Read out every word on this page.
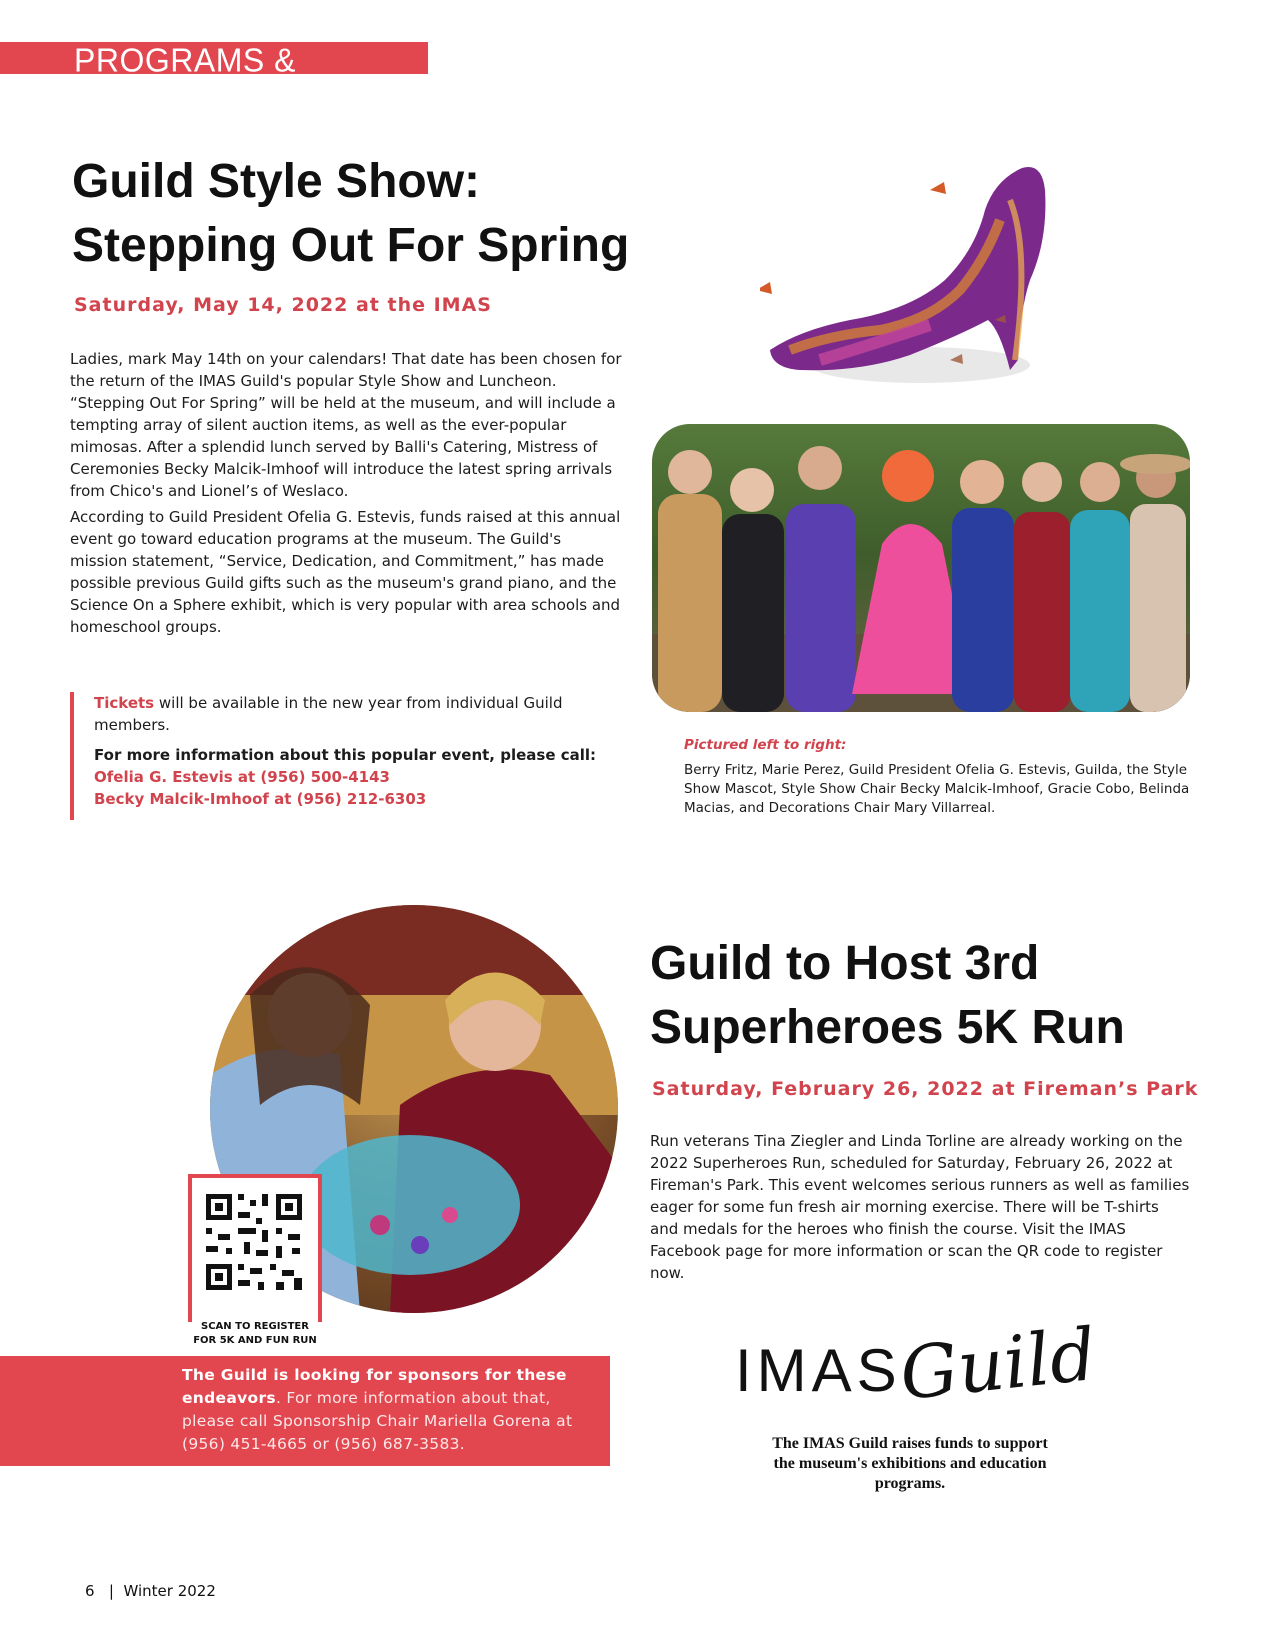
PROGRAMS & EVENTS
Guild Style Show:
Stepping Out For Spring
Saturday, May 14, 2022 at the IMAS

Ladies, mark May 14th on your calendars! That date has been chosen for the return of the IMAS Guild's popular Style Show and Luncheon. “Stepping Out For Spring” will be held at the museum, and will include a tempting array of silent auction items, as well as the ever-popular mimosas. After a splendid lunch served by Balli's Catering, Mistress of Ceremonies Becky Malcik-Imhoof will introduce the latest spring arrivals from Chico's and Lionel’s of Weslaco.

According to Guild President Ofelia G. Estevis, funds raised at this annual event go toward education programs at the museum. The Guild's mission statement, “Service, Dedication, and Commitment,” has made possible previous Guild gifts such as the museum's grand piano, and the Science On a Sphere exhibit, which is very popular with area schools and homeschool groups.

Tickets will be available in the new year from individual Guild members.
For more information about this popular event, please call:
Ofelia G. Estevis at (956) 500-4143
Becky Malcik-Imhoof at (956) 212-6303
Pictured left to right:
Berry Fritz, Marie Perez, Guild President Ofelia G. Estevis, Guilda, the Style Show Mascot, Style Show Chair Becky Malcik-Imhoof, Gracie Cobo, Belinda Macias, and Decorations Chair Mary Villarreal.
SCAN TO REGISTER
FOR 5K AND FUN RUN
Guild to Host 3rd
Superheroes 5K Run
Saturday, February 26, 2022 at Fireman’s Park

Run veterans Tina Ziegler and Linda Torline are already working on the 2022 Superheroes Run, scheduled for Saturday, February 26, 2022 at Fireman's Park. This event welcomes serious runners as well as families eager for some fun fresh air morning exercise. There will be T-shirts and medals for the heroes who finish the course. Visit the IMAS Facebook page for more information or scan the QR code to register now.

The Guild is looking for sponsors for these endeavors. For more information about that, please call Sponsorship Chair Mariella Gorena at (956) 451-4665 or (956) 687-3583.
IMAS
Guild
The IMAS Guild raises funds to support the museum's exhibitions and education programs.
6 | Winter 2022
